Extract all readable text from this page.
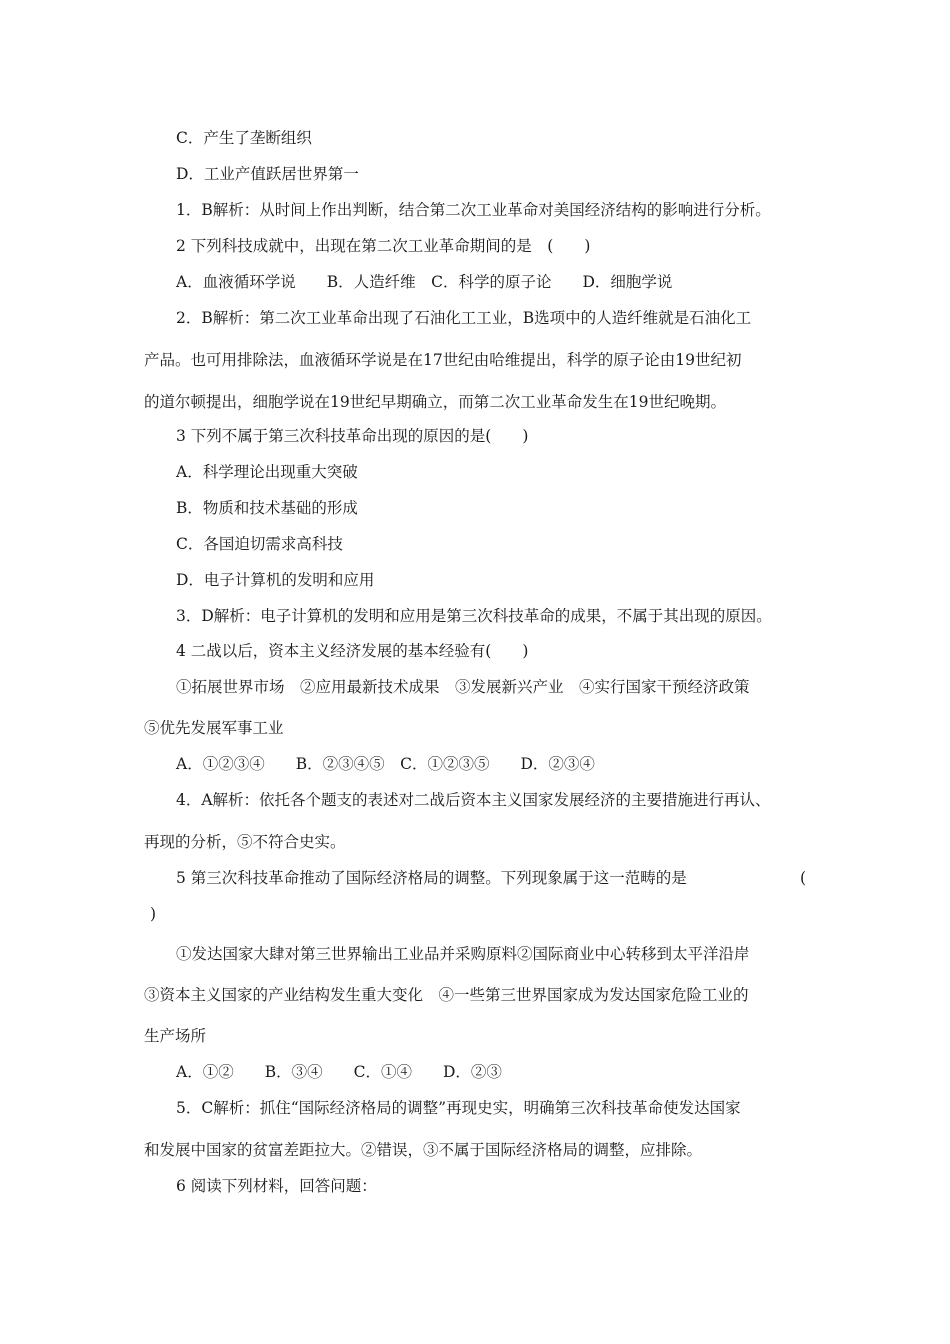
C．产生了垄断组织
D．工业产值跃居世界第一
1．B解析：从时间上作出判断，结合第二次工业革命对美国经济结构的影响进行分析。
2 下列科技成就中，出现在第二次工业革命期间的是　(　　)
A．血液循环学说　　B．人造纤维　C．科学的原子论　　D．细胞学说
2．B解析：第二次工业革命出现了石油化工工业，B选项中的人造纤维就是石油化工
产品。也可用排除法，血液循环学说是在17世纪由哈维提出，科学的原子论由19世纪初
的道尔顿提出，细胞学说在19世纪早期确立，而第二次工业革命发生在19世纪晚期。
3 下列不属于第三次科技革命出现的原因的是(　　)
A．科学理论出现重大突破
B．物质和技术基础的形成
C．各国迫切需求高科技
D．电子计算机的发明和应用
3．D解析：电子计算机的发明和应用是第三次科技革命的成果，不属于其出现的原因。
4 二战以后，资本主义经济发展的基本经验有(　　)
①拓展世界市场　②应用最新技术成果　③发展新兴产业　④实行国家干预经济政策
⑤优先发展军事工业
A．①②③④　　B．②③④⑤　C．①②③⑤　　D．②③④
4．A解析：依托各个题支的表述对二战后资本主义国家发展经济的主要措施进行再认、
再现的分析，⑤不符合史实。
5 第三次科技革命推动了国际经济格局的调整。下列现象属于这一范畴的是	(
)
①发达国家大肆对第三世界输出工业品并采购原料②国际商业中心转移到太平洋沿岸
③资本主义国家的产业结构发生重大变化　④一些第三世界国家成为发达国家危险工业的
生产场所
A．①②　　B．③④　　C．①④　　D．②③
5．C解析：抓住“国际经济格局的调整”再现史实，明确第三次科技革命使发达国家
和发展中国家的贫富差距拉大。②错误，③不属于国际经济格局的调整，应排除。
6 阅读下列材料，回答问题：
